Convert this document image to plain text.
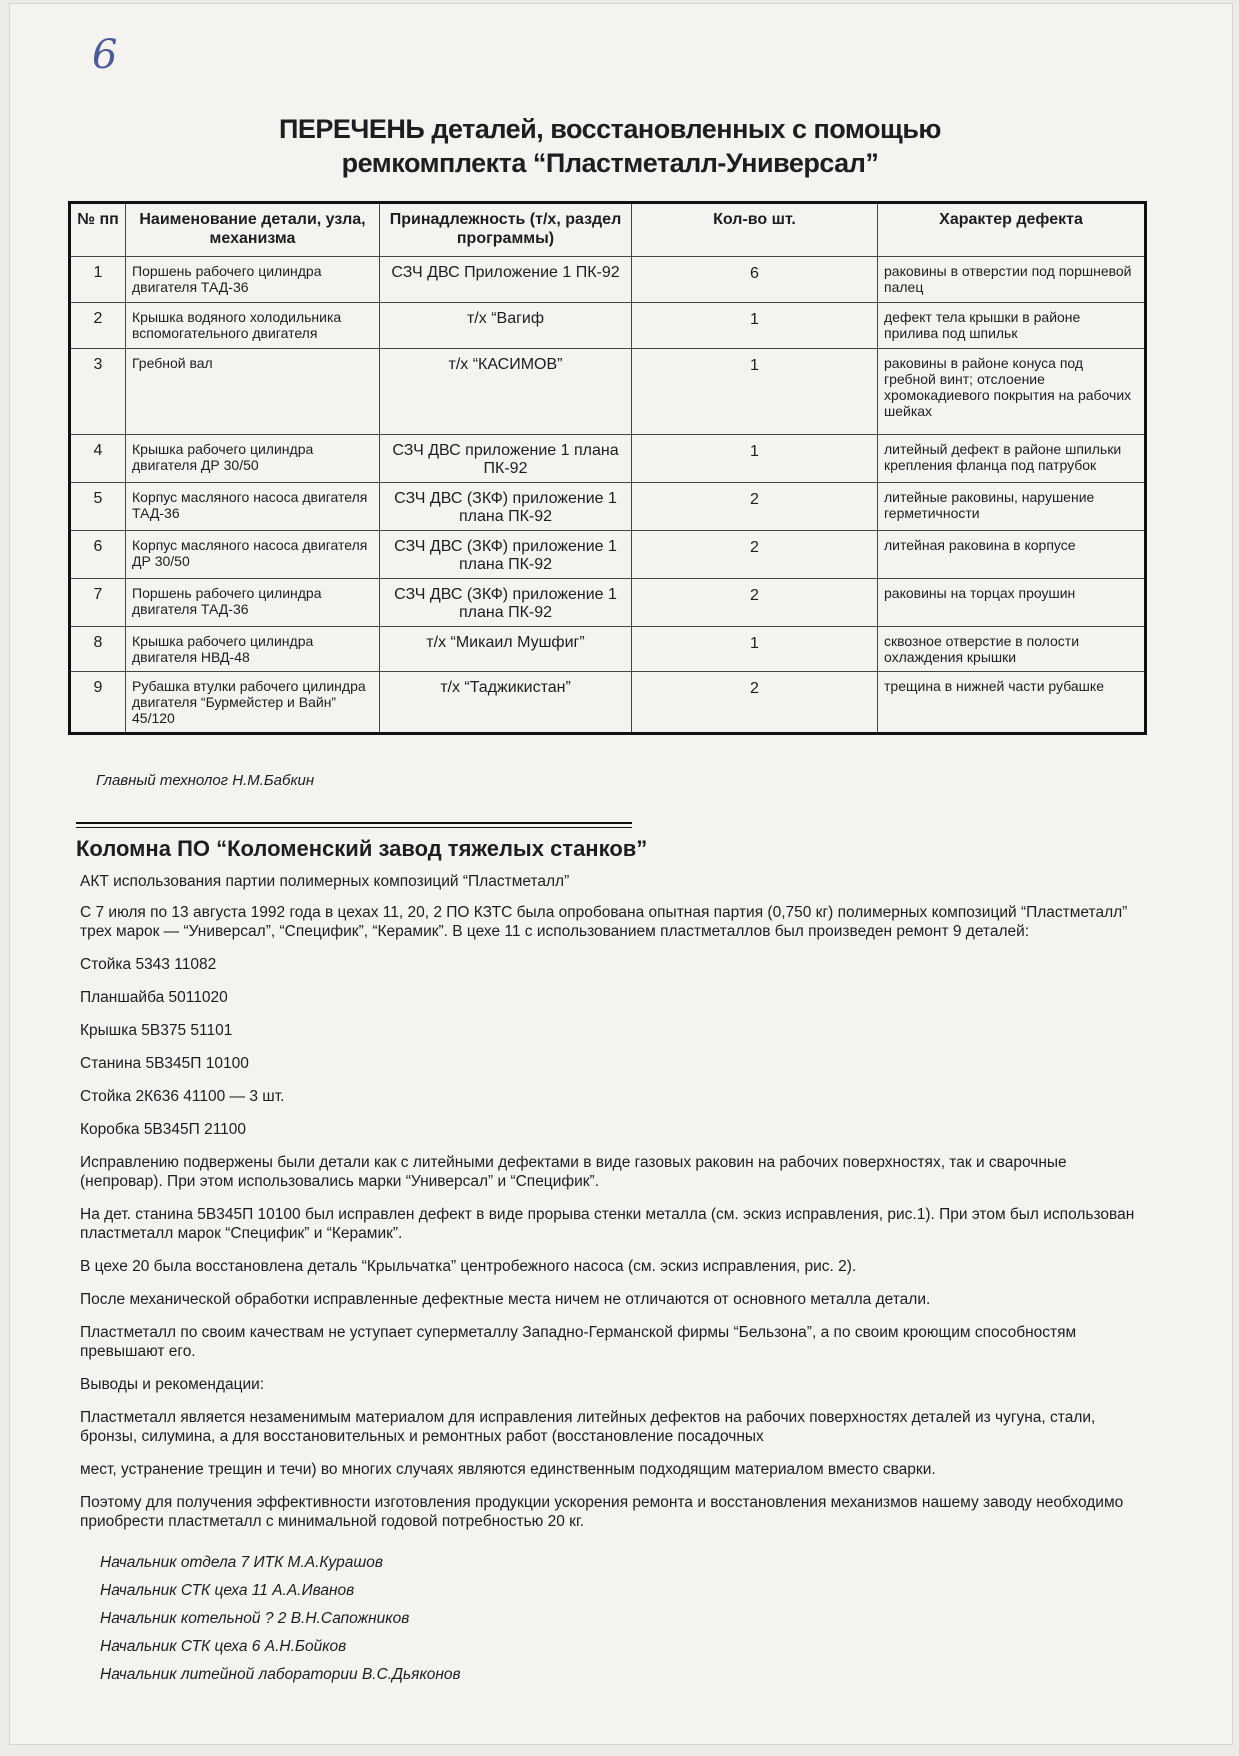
6
ПЕРЕЧЕНЬ деталей, восстановленных с помощью
ремкомплекта “Пластметалл-Универсал”
№ пп	Наименование детали, узла, механизма	Принадлежность (т/х, раздел программы)	Кол-во шт.	Характер дефекта
1	Поршень рабочего цилиндра двигателя ТАД-36	СЗЧ ДВС Приложение 1 ПК-92	6	раковины в отверстии под поршневой палец
2	Крышка водяного холодильника вспомогательного двигателя	т/х “Вагиф	1	дефект тела крышки в районе прилива под шпильк
3	Гребной вал	т/х “КАСИМОВ”	1	раковины в районе конуса под гребной винт; отслоение хромокадиевого покрытия на рабочих шейках
4	Крышка рабочего цилиндра двигателя ДР 30/50	СЗЧ ДВС приложение 1 плана ПК-92	1	литейный дефект в районе шпильки крепления фланца под патрубок
5	Корпус масляного насоса двигателя ТАД-36	СЗЧ ДВС (ЗКФ) приложение 1 плана ПК-92	2	литейные раковины, нарушение герметичности
6	Корпус масляного насоса двигателя ДР 30/50	СЗЧ ДВС (ЗКФ) приложение 1 плана ПК-92	2	литейная раковина в корпусе
7	Поршень рабочего цилиндра двигателя ТАД-36	СЗЧ ДВС (ЗКФ) приложение 1 плана ПК-92	2	раковины на торцах проушин
8	Крышка рабочего цилиндра двигателя НВД-48	т/х “Микаил Мушфиг”	1	сквозное отверстие в полости охлаждения крышки
9	Рубашка втулки рабочего цилиндра двигателя “Бурмейстер и Вайн” 45/120	т/х “Таджикистан”	2	трещина в нижней части рубашке
Главный технолог Н.М.Бабкин
Коломна ПО “Коломенский завод тяжелых станков”

АКТ использования партии полимерных композиций “Пластметалл”

С 7 июля по 13 августа 1992 года в цехах 11, 20, 2 ПО КЗТС была опробована опытная партия (0,750 кг) полимерных композиций “Пластметалл” трех марок — “Универсал”, “Специфик”, “Керамик”. В цехе 11 с использованием пластметаллов был произведен ремонт 9 деталей:

Стойка 5343 11082

Планшайба 5011020

Крышка 5В375 51101

Станина 5В345П 10100

Стойка 2К636 41100 — 3 шт.

Коробка 5В345П 21100

Исправлению подвержены были детали как с литейными дефектами в виде газовых раковин на рабочих поверхностях, так и сварочные (непровар). При этом использовались марки “Универсал” и “Специфик”.

На дет. станина 5В345П 10100 был исправлен дефект в виде прорыва стенки металла (см. эскиз исправления, рис.1). При этом был использован пластметалл марок “Специфик” и “Керамик”.

В цехе 20 была восстановлена деталь “Крыльчатка” центробежного насоса (см. эскиз исправления, рис. 2).

После механической обработки исправленные дефектные места ничем не отличаются от основного металла детали.

Пластметалл по своим качествам не уступает суперметаллу Западно-Германской фирмы “Бельзона”, а по своим кроющим способностям превышают его.

Выводы и рекомендации:

Пластметалл является незаменимым материалом для исправления литейных дефектов на рабочих поверхностях деталей из чугуна, стали, бронзы, силумина, а для восстановительных и ремонтных работ (восстановление посадочных

мест, устранение трещин и течи) во многих случаях являются единственным подходящим материалом вместо сварки.

Поэтому для получения эффективности изготовления продукции ускорения ремонта и восстановления механизмов нашему заводу необходимо приобрести пластметалл с минимальной годовой потребностью 20 кг.

Начальник отдела 7 ИТК М.А.Курашов
Начальник СТК цеха 11 А.А.Иванов
Начальник котельной ? 2 В.Н.Сапожников
Начальник СТК цеха 6 А.Н.Бойков
Начальник литейной лаборатории В.С.Дьяконов
